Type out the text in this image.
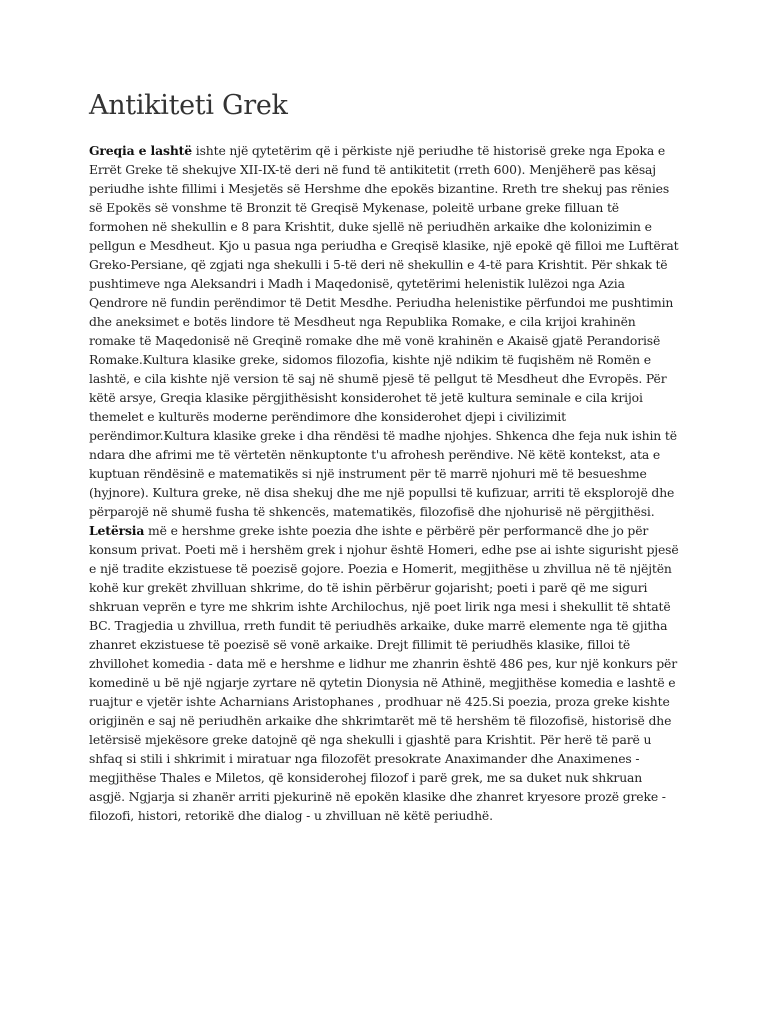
Antikiteti Grek

Greqia e lashtë ishte një qytetërim që i përkiste një periudhe të historisë greke nga Epoka e Errët Greke të shekujve XII-IX-të deri në fund të antikitetit (rreth 600). Menjëherë pas kësaj periudhe ishte fillimi i Mesjetës së Hershme dhe epokës bizantine. Rreth tre shekuj pas rënies së Epokës së vonshme të Bronzit të Greqisë Mykenase, poleitë urbane greke filluan të formohen në shekullin e 8 para Krishtit, duke sjellë në periudhën arkaike dhe kolonizimin e pellgun e Mesdheut. Kjo u pasua nga periudha e Greqisë klasike, një epokë që filloi me Luftërat Greko-Persiane, që zgjati nga shekulli i 5-të deri në shekullin e 4-të para Krishtit. Për shkak të pushtimeve nga Aleksandri i Madh i Maqedonisë, qytetërimi helenistik lulëzoi nga Azia Qendrore në fundin perëndimor të Detit Mesdhe. Periudha helenistike përfundoi me pushtimin dhe aneksimet e botës lindore të Mesdheut nga Republika Romake, e cila krijoi krahinën romake të Maqedonisë në Greqinë romake dhe më vonë krahinën e Akaisë gjatë Perandorisë Romake.Kultura klasike greke, sidomos filozofia, kishte një ndikim të fuqishëm në Romën e lashtë, e cila kishte një version të saj në shumë pjesë të pellgut të Mesdheut dhe Evropës. Për këtë arsye, Greqia klasike përgjithësisht konsiderohet të jetë kultura seminale e cila krijoi themelet e kulturës moderne perëndimore dhe konsiderohet djepi i civilizimit perëndimor.Kultura klasike greke i dha rëndësi të madhe njohjes. Shkenca dhe feja nuk ishin të ndara dhe afrimi me të vërtetën nënkuptonte t'u afrohesh perëndive. Në këtë kontekst, ata e kuptuan rëndësinë e matematikës si një instrument për të marrë njohuri më të besueshme (hyjnore). Kultura greke, në disa shekuj dhe me një popullsi të kufizuar, arriti të eksplorojë dhe përparojë në shumë fusha të shkencës, matematikës, filozofisë dhe njohurisë në përgjithësi.

Letërsia më e hershme greke ishte poezia dhe ishte e përbërë për performancë dhe jo për konsum privat. Poeti më i hershëm grek i njohur është Homeri, edhe pse ai ishte sigurisht pjesë e një tradite ekzistuese të poezisë gojore. Poezia e Homerit, megjithëse u zhvillua në të njëjtën kohë kur grekët zhvilluan shkrime, do të ishin përbërur gojarisht; poeti i parë që me siguri shkruan veprën e tyre me shkrim ishte Archilochus, një poet lirik nga mesi i shekullit të shtatë BC. Tragjedia u zhvillua, rreth fundit të periudhës arkaike, duke marrë elemente nga të gjitha zhanret ekzistuese të poezisë së vonë arkaike. Drejt fillimit të periudhës klasike, filloi të zhvillohet komedia - data më e hershme e lidhur me zhanrin është 486 pes, kur një konkurs për komedinë u bë një ngjarje zyrtare në qytetin Dionysia në Athinë, megjithëse komedia e lashtë e ruajtur e vjetër ishte Acharnians Aristophanes , prodhuar në 425.Si poezia, proza greke kishte origjinën e saj në periudhën arkaike dhe shkrimtarët më të hershëm të filozofisë, historisë dhe letërsisë mjekësore greke datojnë që nga shekulli i gjashtë para Krishtit. Për herë të parë u shfaq si stili i shkrimit i miratuar nga filozofët presokrate Anaximander dhe Anaximenes - megjithëse Thales e Miletos, që konsiderohej filozof i parë grek, me sa duket nuk shkruan asgjë. Ngjarja si zhanër arriti pjekurinë në epokën klasike dhe zhanret kryesore prozë greke - filozofi, histori, retorikë dhe dialog - u zhvilluan në këtë periudhë.
